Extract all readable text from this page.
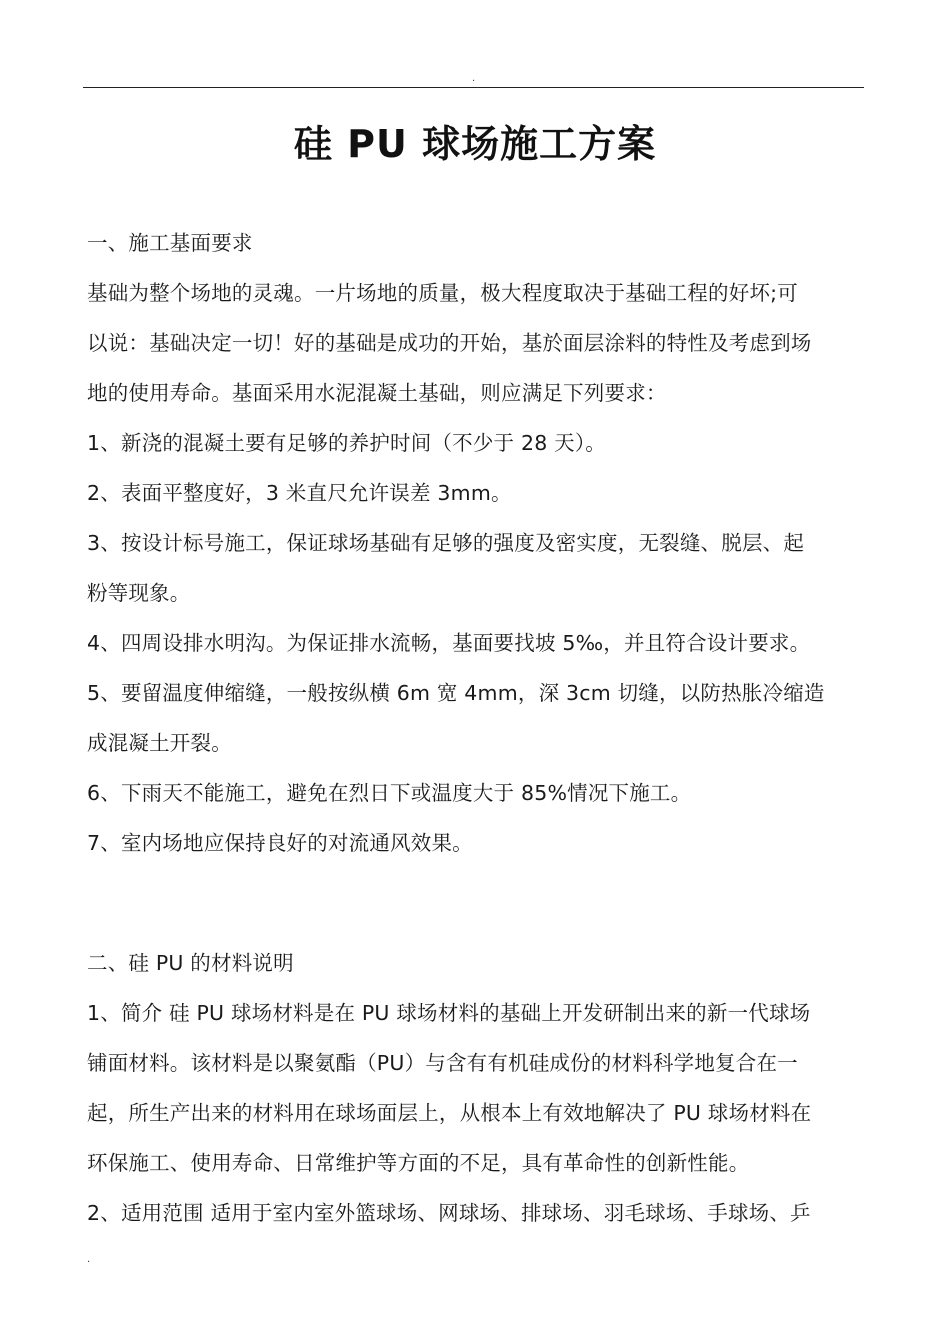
.
硅 PU 球场施工方案
一、施工基面要求
基础为整个场地的灵魂。一片场地的质量，极大程度取决于基础工程的好坏;可
以说：基础决定一切！好的基础是成功的开始，基於面层涂料的特性及考虑到场
地的使用寿命。基面采用水泥混凝土基础，则应满足下列要求：
1、新浇的混凝土要有足够的养护时间（不少于 28 天）。
2、表面平整度好，3 米直尺允许误差 3mm。
3、按设计标号施工，保证球场基础有足够的强度及密实度，无裂缝、脱层、起
粉等现象。
4、四周设排水明沟。为保证排水流畅，基面要找坡 5‰，并且符合设计要求。
5、要留温度伸缩缝，一般按纵横 6m 宽 4mm，深 3cm 切缝，以防热胀冷缩造
成混凝土开裂。
6、下雨天不能施工，避免在烈日下或温度大于 85%情况下施工。
7、室内场地应保持良好的对流通风效果。
二、硅 PU 的材料说明
1、简介 硅 PU 球场材料是在 PU 球场材料的基础上开发研制出来的新一代球场
铺面材料。该材料是以聚氨酯（PU）与含有有机硅成份的材料科学地复合在一
起，所生产出来的材料用在球场面层上，从根本上有效地解决了 PU 球场材料在
环保施工、使用寿命、日常维护等方面的不足，具有革命性的创新性能。
2、适用范围 适用于室内室外篮球场、网球场、排球场、羽毛球场、手球场、乒
.
